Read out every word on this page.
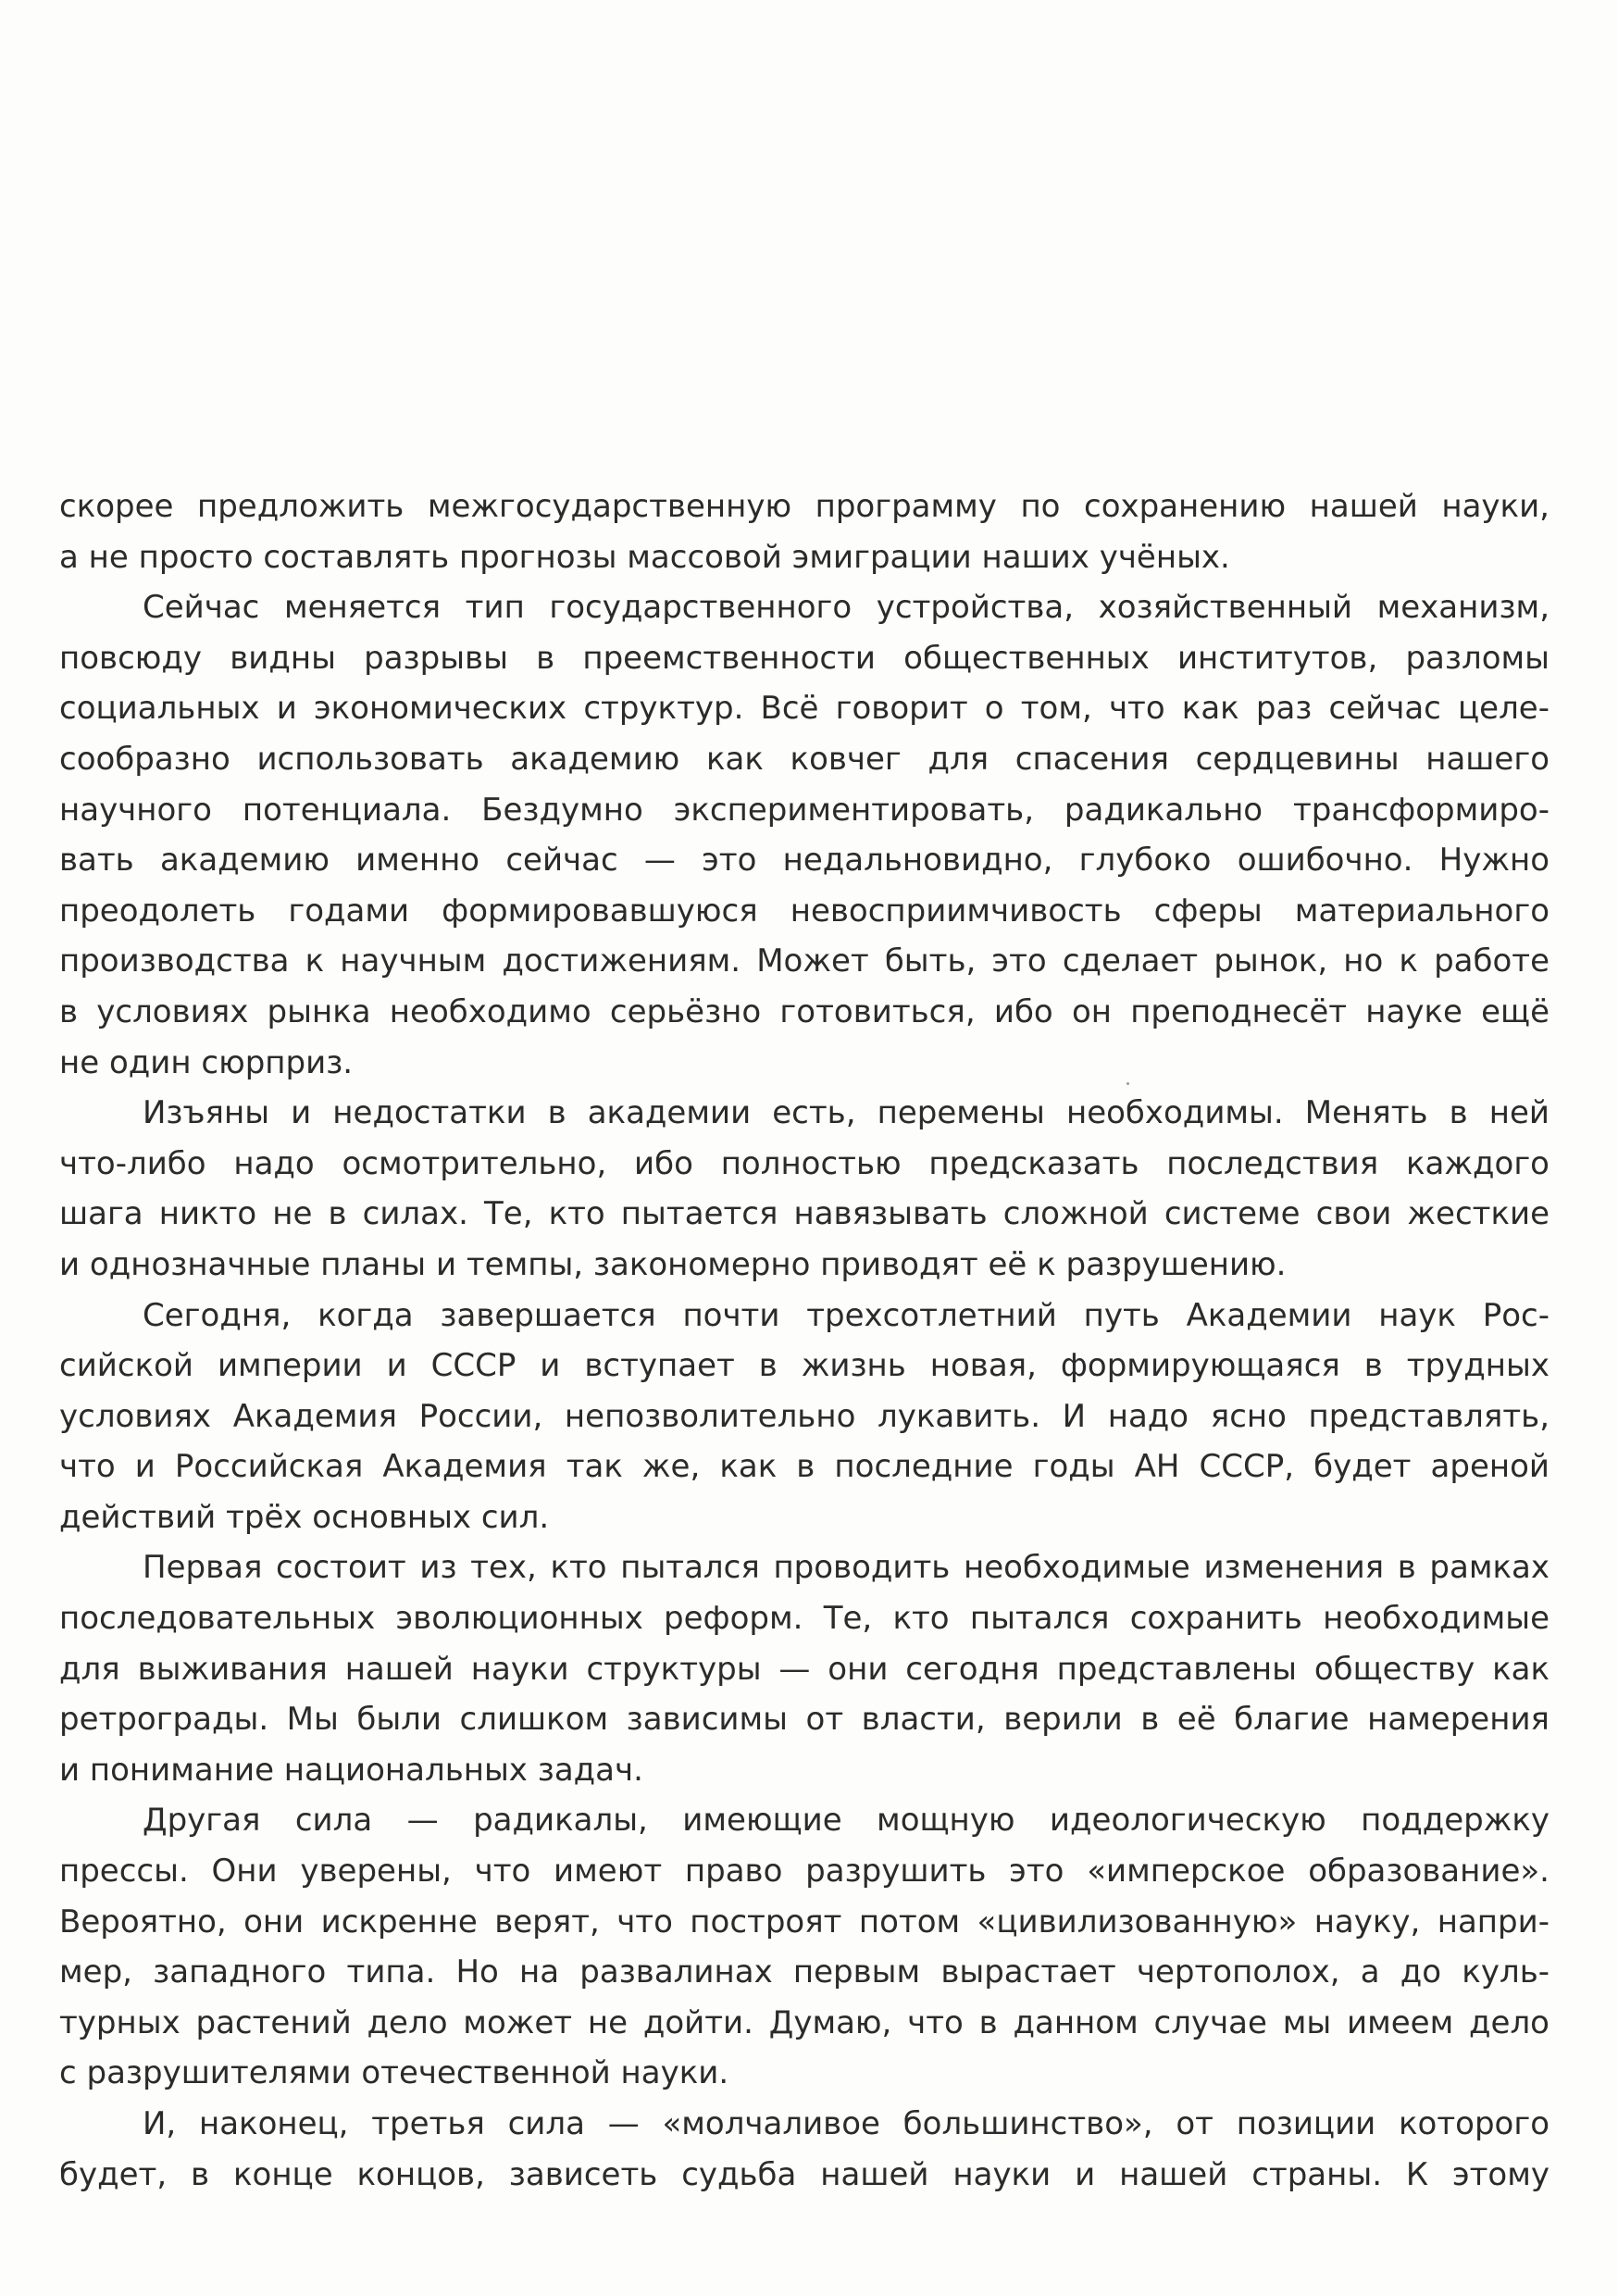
скорее предложить межгосударственную программу по сохранению нашей науки,
а не просто составлять прогнозы массовой эмиграции наших учёных.
Сейчас меняется тип государственного устройства, хозяйственный механизм,
повсюду видны разрывы в преемственности общественных институтов, разломы
социальных и экономических структур. Всё говорит о том, что как раз сейчас целе-
сообразно использовать академию как ковчег для спасения сердцевины нашего
научного потенциала. Бездумно экспериментировать, радикально трансформиро-
вать академию именно сейчас — это недальновидно, глубоко ошибочно. Нужно
преодолеть годами формировавшуюся невосприимчивость сферы материального
производства к научным достижениям. Может быть, это сделает рынок, но к работе
в условиях рынка необходимо серьёзно готовиться, ибо он преподнесёт науке ещё
не один сюрприз.
Изъяны и недостатки в академии есть, перемены необходимы. Менять в ней
что-либо надо осмотрительно, ибо полностью предсказать последствия каждого
шага никто не в силах. Те, кто пытается навязывать сложной системе свои жесткие
и однозначные планы и темпы, закономерно приводят её к разрушению.
Сегодня, когда завершается почти трехсотлетний путь Академии наук Рос-
сийской империи и СССР и вступает в жизнь новая, формирующаяся в трудных
условиях Академия России, непозволительно лукавить. И надо ясно представлять,
что и Российская Академия так же, как в последние годы АН СССР, будет ареной
действий трёх основных сил.
Первая состоит из тех, кто пытался проводить необходимые изменения в рамках
последовательных эволюционных реформ. Те, кто пытался сохранить необходимые
для выживания нашей науки структуры — они сегодня представлены обществу как
ретрограды. Мы были слишком зависимы от власти, верили в её благие намерения
и понимание национальных задач.
Другая сила — радикалы, имеющие мощную идеологическую поддержку
прессы. Они уверены, что имеют право разрушить это «имперское образование».
Вероятно, они искренне верят, что построят потом «цивилизованную» науку, напри-
мер, западного типа. Но на развалинах первым вырастает чертополох, а до куль-
турных растений дело может не дойти. Думаю, что в данном случае мы имеем дело
с разрушителями отечественной науки.
И, наконец, третья сила — «молчаливое большинство», от позиции которого
будет, в конце концов, зависеть судьба нашей науки и нашей страны. К этому
